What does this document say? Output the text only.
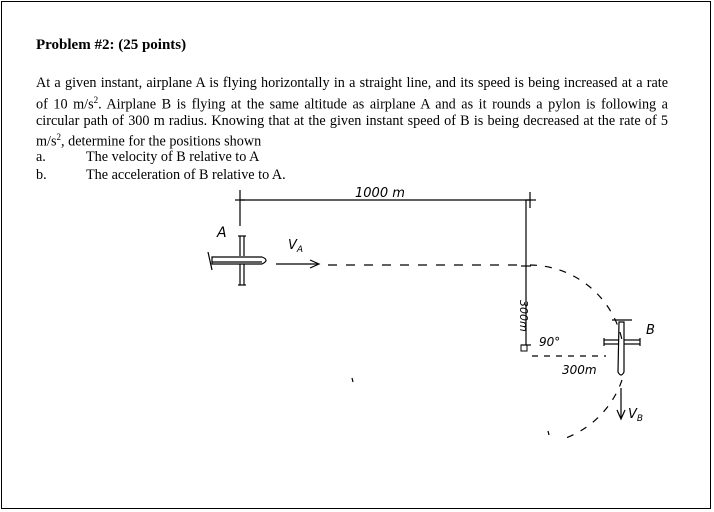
Problem #2: (25 points)
At a given instant, airplane A is flying horizontally in a straight line, and its speed is being increased at a rate of 10 $m/s^2$. Airplane B is flying at the same altitude as airplane A and as it rounds a pylon is following a circular path of 300 m radius. Knowing that at the given instant speed of B is being decreased at the rate of 5 $m/s^2$, determine for the positions shown
a.	The velocity of B relative to A
b.	The acceleration of B relative to A.
1000 m
A
$V_A$
300m
90°
300m
B
$V_B$
